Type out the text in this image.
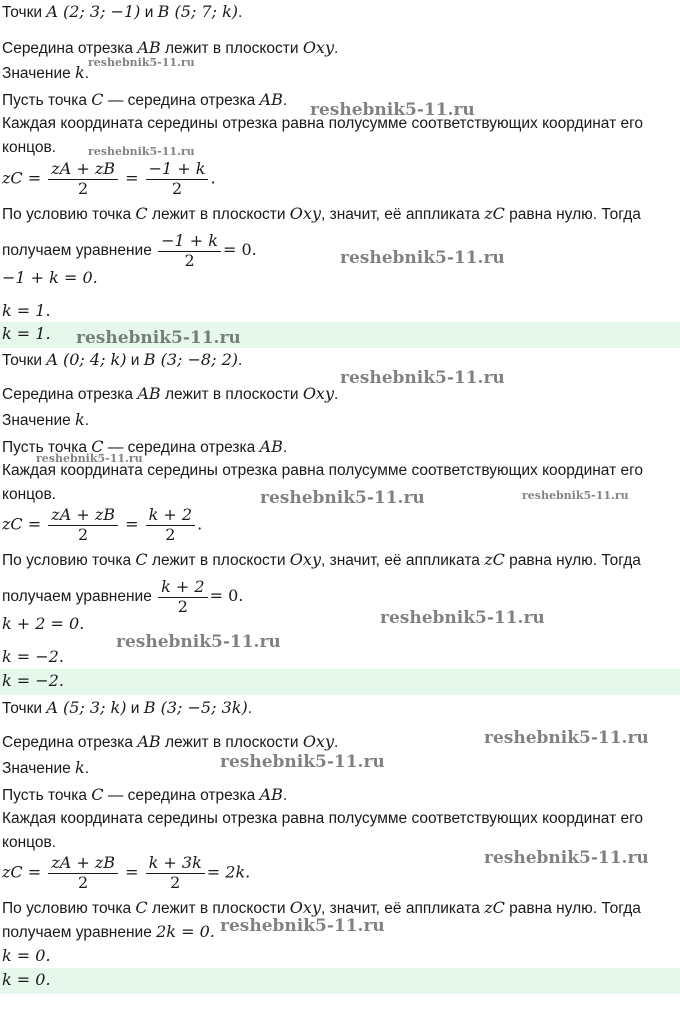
Точки A (2; 3; −1) и B (5; 7; k).
Середина отрезка AB лежит в плоскости Oxy.
Значение k.
Пусть точка C — середина отрезка AB.
Каждая координата середины отрезка равна полусумме соответствующих координат его концов.
zC = $\frac{zA + zB}{2} = \frac{-1 + k}{2}$ .
По условию точка C лежит в плоскости Oxy, значит, её аппликата zC равна нулю. Тогда
получаем уравнение $\frac{-1 + k}{2} = 0$.
−1 + k = 0.
k = 1.
k = 1.
Точки A (0; 4; k) и B (3; −8; 2).
Середина отрезка AB лежит в плоскости Oxy.
Значение k.
Пусть точка C — середина отрезка AB.
Каждая координата середины отрезка равна полусумме соответствующих координат его концов.
zC = $\frac{zA + zB}{2} = \frac{k + 2}{2}$ .
По условию точка C лежит в плоскости Oxy, значит, её аппликата zC равна нулю. Тогда
получаем уравнение $\frac{k + 2}{2} = 0$.
k + 2 = 0.
k = −2.
k = −2.
Точки A (5; 3; k) и B (3; −5; 3k).
Середина отрезка AB лежит в плоскости Oxy.
Значение k.
Пусть точка C — середина отрезка AB.
Каждая координата середины отрезка равна полусумме соответствующих координат его концов.
zC = $\frac{zA + zB}{2} = \frac{k + 3k}{2} = 2k$.
По условию точка C лежит в плоскости Oxy, значит, её аппликата zC равна нулю. Тогда
получаем уравнение 2k = 0.
k = 0.
k = 0.
reshebnik5-11.ru
reshebnik5-11.ru
reshebnik5-11.ru
reshebnik5-11.ru
reshebnik5-11.ru
reshebnik5-11.ru
reshebnik5-11.ru
reshebnik5-11.ru	reshebnik5-11.ru
reshebnik5-11.ru
reshebnik5-11.ru
reshebnik5-11.ru
reshebnik5-11.ru
reshebnik5-11.ru
reshebnik5-11.ru
